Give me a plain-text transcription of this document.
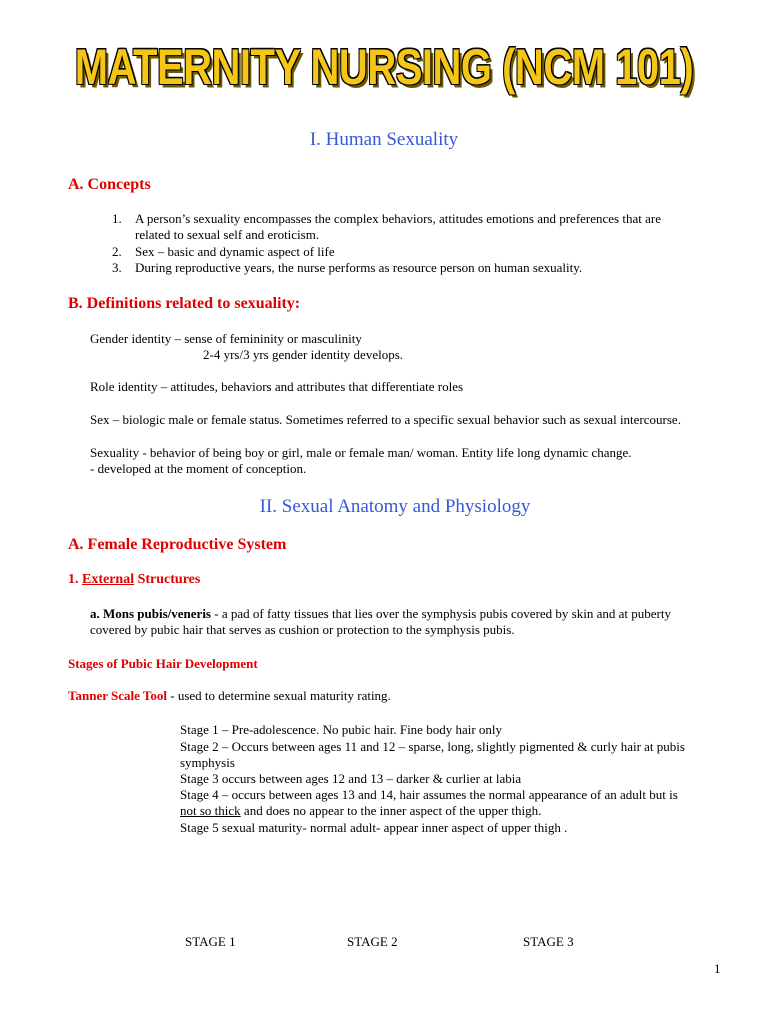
MATERNITY NURSING (NCM 101)
I. Human Sexuality
A. Concepts
1. A person’s sexuality encompasses the complex behaviors, attitudes emotions and preferences that are
related to sexual self and eroticism.
2. Sex – basic and dynamic aspect of life
3. During reproductive years, the nurse performs as resource person on human sexuality.
B. Definitions related to sexuality:
Gender identity – sense of femininity or masculinity
2-4 yrs/3 yrs gender identity develops.
Role identity – attitudes, behaviors and attributes that differentiate roles
Sex – biologic male or female status. Sometimes referred to a specific sexual behavior such as sexual intercourse.
Sexuality - behavior of being boy or girl, male or female man/ woman. Entity life long dynamic change.
- developed at the moment of conception.
II. Sexual Anatomy and Physiology
A. Female Reproductive System
1. External Structures
a. Mons pubis/veneris - a pad of fatty tissues that lies over the symphysis pubis covered by skin and at puberty
covered by pubic hair that serves as cushion or protection to the symphysis pubis.
Stages of Pubic Hair Development
Tanner Scale Tool - used to determine sexual maturity rating.
Stage 1 – Pre-adolescence. No pubic hair. Fine body hair only
Stage 2 – Occurs between ages 11 and 12 – sparse, long, slightly pigmented & curly hair at pubis
symphysis
Stage 3 occurs between ages 12 and 13 – darker & curlier at labia
Stage 4 – occurs between ages 13 and 14, hair assumes the normal appearance of an adult but is
not so thick and does no appear to the inner aspect of the upper thigh.
Stage 5 sexual maturity- normal adult- appear inner aspect of upper thigh .
STAGE 1	STAGE 2	STAGE 3
1
